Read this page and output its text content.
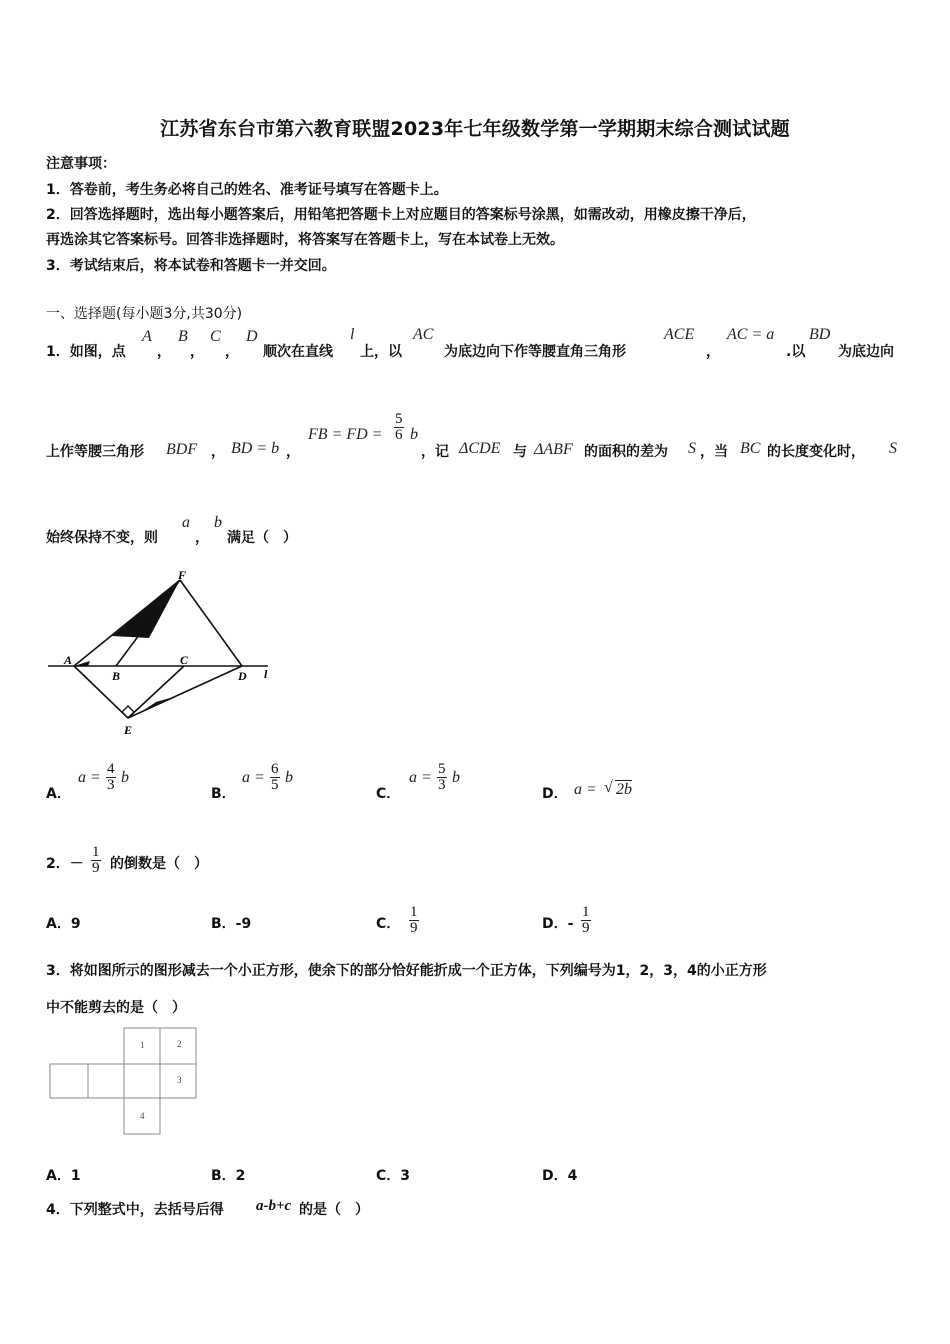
江苏省东台市第六教育联盟2023年七年级数学第一学期期末综合测试试题
注意事项：
1．答卷前，考生务必将自己的姓名、准考证号填写在答题卡上。
2．回答选择题时，选出每小题答案后，用铅笔把答题卡上对应题目的答案标号涂黑，如需改动，用橡皮擦干净后，
再选涂其它答案标号。回答非选择题时，将答案写在答题卡上，写在本试卷上无效。
3．考试结束后，将本试卷和答题卡一并交回。
一、选择题(每小题3分,共30分)
1．如图，点
A
，
B
，
C
，
D
顺次在直线
l
上，以
AC
为底边向下作等腰直角三角形
ACE
，
AC = a
.以
BD
为底边向
上作等腰三角形 BDF ， BD = b ，
FB = FD = $\frac{5}{6}$ b
，记 ΔCDE 与 ΔABF 的面积的差为 S ，当 BC 的长度变化时， S
始终保持不变，则
a
，
b
满足（　）
F
A
B
C
D l
E
A．
$a = \frac{4}{3}$ b
B．
$a = \frac{6}{5}$ b
C．
$a = \frac{5}{3}$ b
D． a = √ 2b
2．－ $\frac{1}{9}$ 的倒数是（　）
A．9	B．-9	C． $\frac{1}{9}$	D．- $\frac{1}{9}$
3．将如图所示的图形减去一个小正方形，使余下的部分恰好能折成一个正方体，下列编号为1，2，3，4的小正方形
中不能剪去的是（　）
1	2
3
4
A．1	B．2	C．3	D．4
4．下列整式中，去括号后得 a-b+c 的是（　）
